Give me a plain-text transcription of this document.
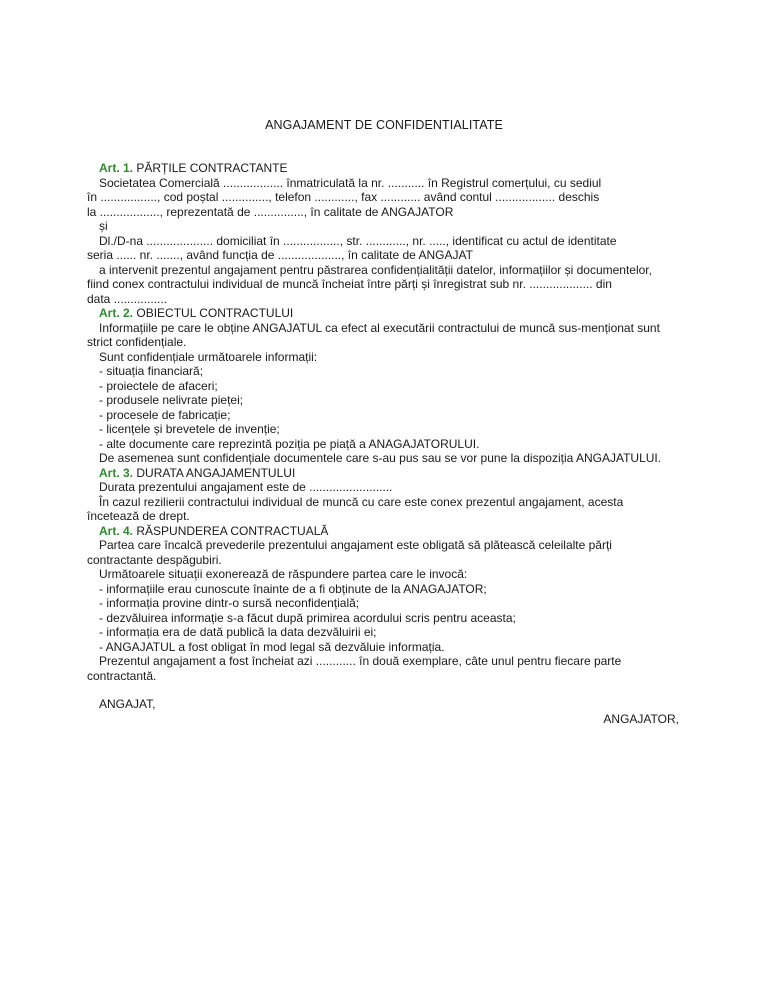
ANGAJAMENT DE CONFIDENTIALITATE
Art. 1. PĂRȚILE CONTRACTANTE
Societatea Comercială .................. înmatriculată la nr. ........... în Registrul comerțului, cu sediul
în ................., cod poștal .............., telefon ............, fax ............ având contul .................. deschis
la .................., reprezentată de ..............., în calitate de ANGAJATOR
și
Dl./D-na .................... domiciliat în ................., str. ............, nr. ....., identificat cu actul de identitate
seria ...... nr. ......., având funcția de ..................., în calitate de ANGAJAT
a intervenit prezentul angajament pentru păstrarea confidențialității datelor, informațiilor și documentelor,
fiind conex contractului individual de muncă încheiat între părți și înregistrat sub nr. ................... din
data ................
Art. 2. OBIECTUL CONTRACTULUI
Informațiile pe care le obține ANGAJATUL ca efect al executării contractului de muncă sus-menționat sunt
strict confidențiale.
Sunt confidențiale următoarele informații:
- situația financiară;
- proiectele de afaceri;
- produsele nelivrate pieței;
- procesele de fabricație;
- licențele și brevetele de invenție;
- alte documente care reprezintă poziția pe piață a ANAGAJATORULUI.
De asemenea sunt confidențiale documentele care s-au pus sau se vor pune la dispoziția ANGAJATULUI.
Art. 3. DURATA ANGAJAMENTULUI
Durata prezentului angajament este de .........................
În cazul rezilierii contractului individual de muncă cu care este conex prezentul angajament, acesta
încetează de drept.
Art. 4. RĂSPUNDEREA CONTRACTUALĂ
Partea care încalcă prevederile prezentului angajament este obligată să plătească celeilalte părți
contractante despăgubiri.
Următoarele situații exonerează de răspundere partea care le invocă:
- informațiile erau cunoscute înainte de a fi obținute de la ANAGAJATOR;
- informația provine dintr-o sursă neconfidențială;
- dezvăluirea informație s-a făcut după primirea acordului scris pentru aceasta;
- informația era de dată publică la data dezvăluirii ei;
- ANGAJATUL a fost obligat în mod legal să dezvăluie informația.
Prezentul angajament a fost încheiat azi ............ în două exemplare, câte unul pentru fiecare parte
contractantă.
ANGAJAT,
ANGAJATOR,
